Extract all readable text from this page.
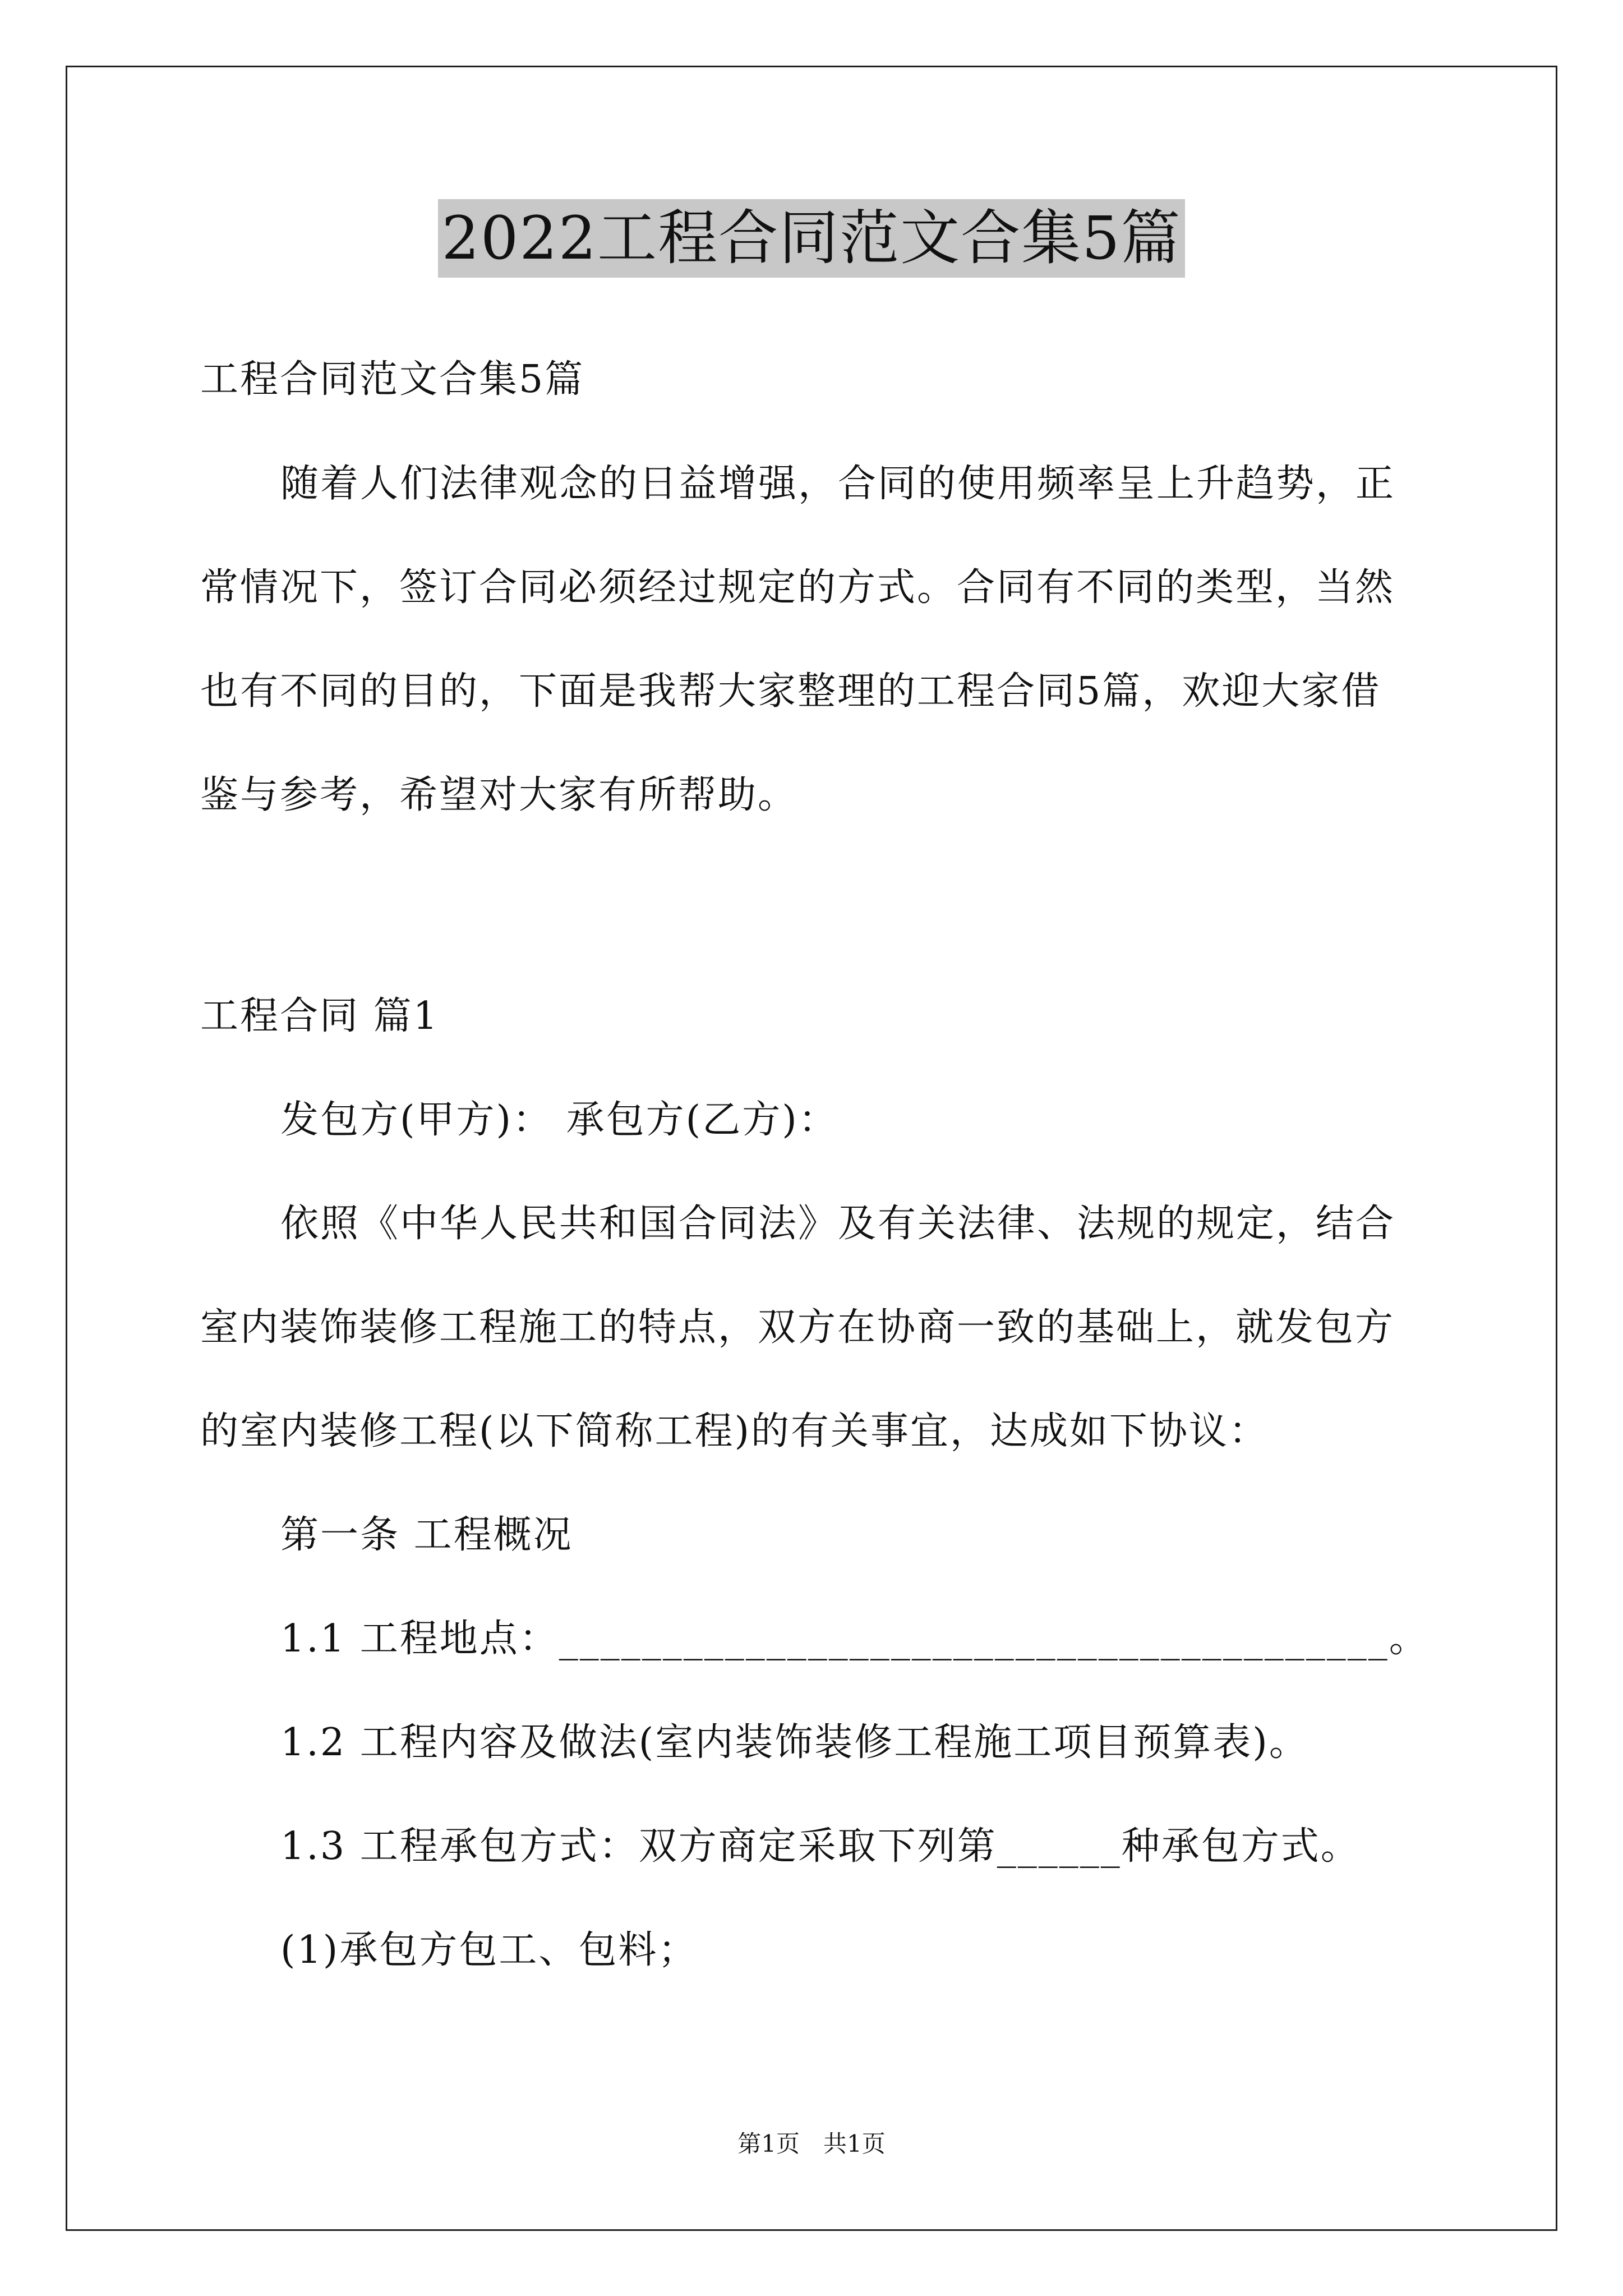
2022工程合同范文合集5篇
工程合同范文合集5篇
随着人们法律观念的日益增强，合同的使用频率呈上升趋势，正
常情况下，签订合同必须经过规定的方式。合同有不同的类型，当然
也有不同的目的，下面是我帮大家整理的工程合同5篇，欢迎大家借
鉴与参考，希望对大家有所帮助。
工程合同 篇1
发包方(甲方)： 承包方(乙方)：
依照《中华人民共和国合同法》及有关法律、法规的规定，结合
室内装饰装修工程施工的特点，双方在协商一致的基础上，就发包方
的室内装修工程(以下简称工程)的有关事宜，达成如下协议：
第一条 工程概况
1.1 工程地点：________________________________________。
1.2 工程内容及做法(室内装饰装修工程施工项目预算表)。
1.3 工程承包方式：双方商定采取下列第______种承包方式。
(1)承包方包工、包料；
第1页　共1页
